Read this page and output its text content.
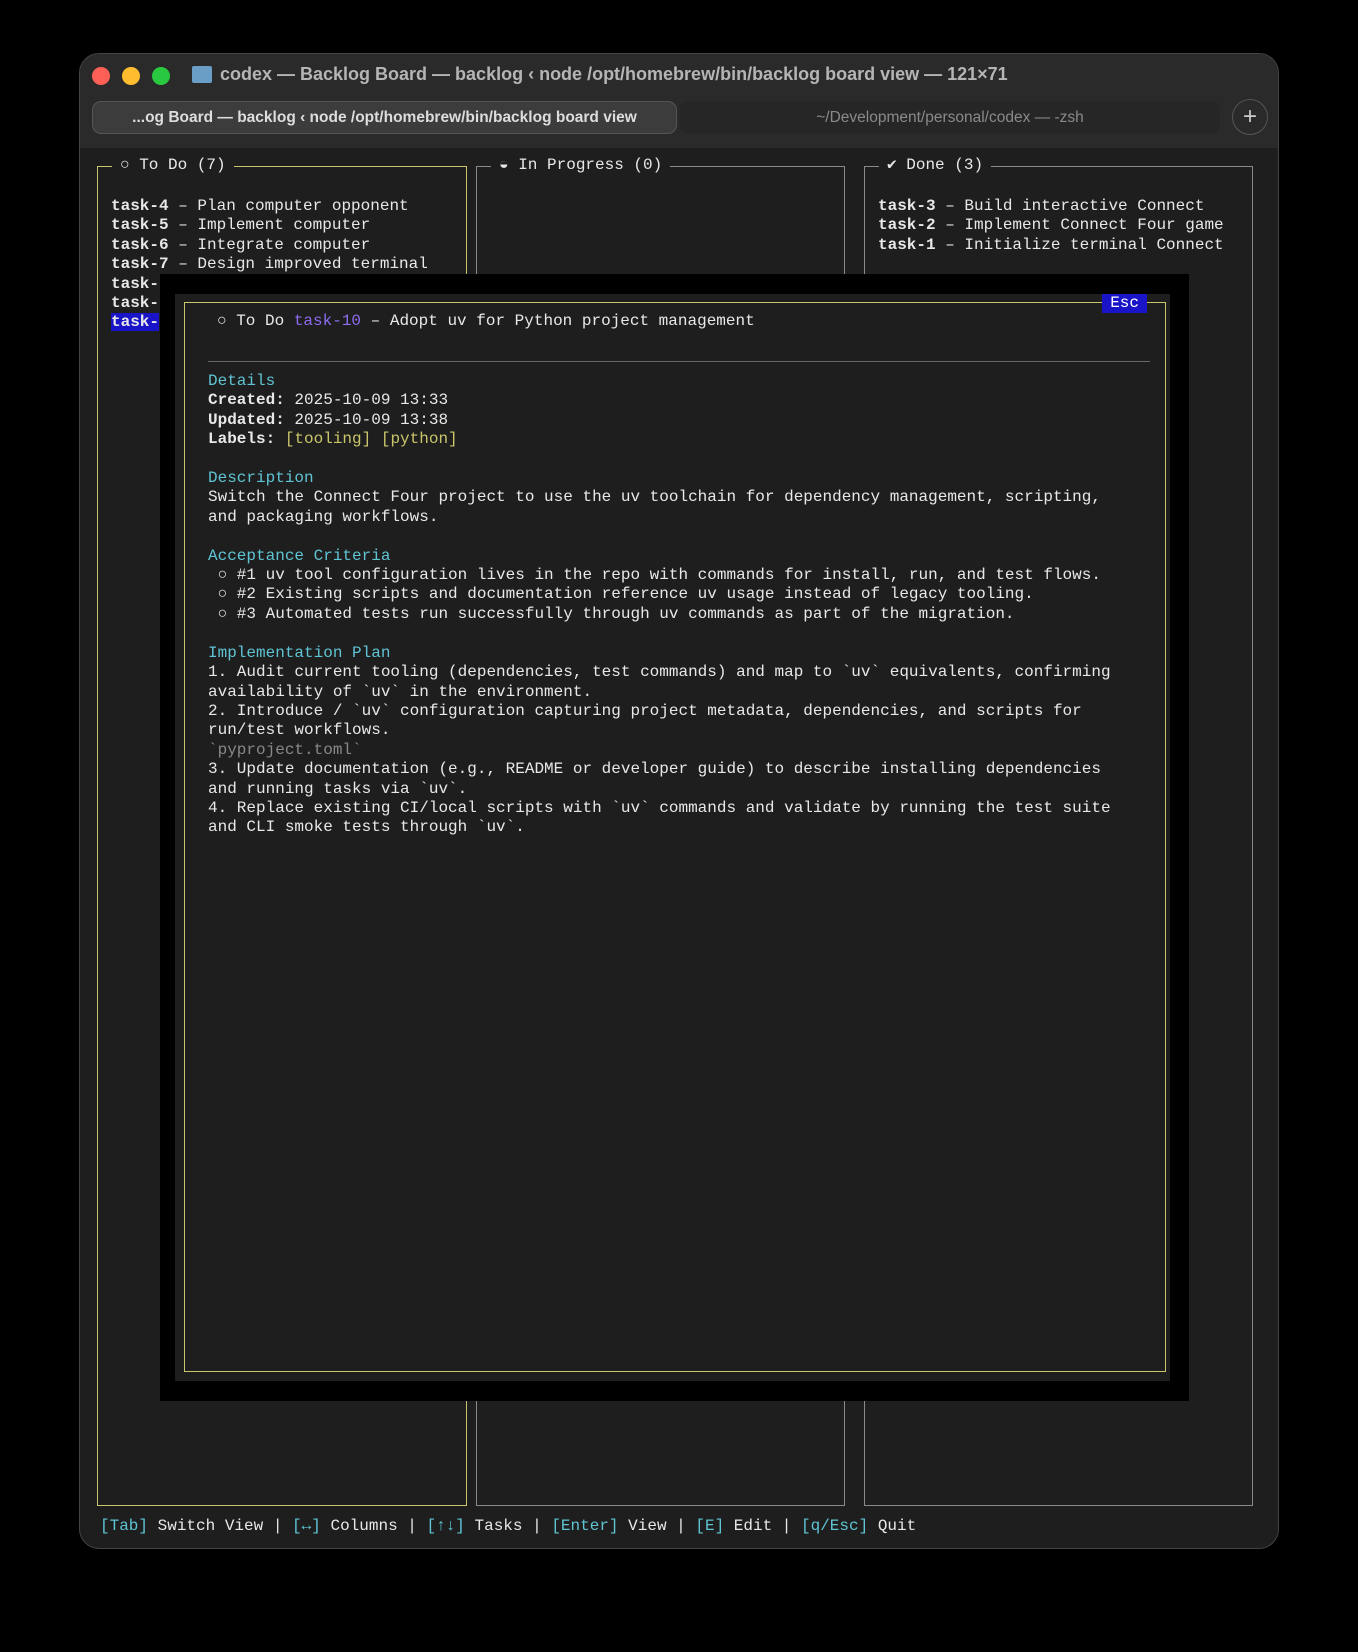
codex — Backlog Board — backlog ‹ node /opt/homebrew/bin/backlog board view — 121×71
...og Board — backlog ‹ node /opt/homebrew/bin/backlog board view	~/Development/personal/codex — -zsh	+
○ To Do (7)
task-4 – Plan computer opponent
task-5 – Implement computer
task-6 – Integrate computer
task-7 – Design improved terminal
task-
task-
task-
◒ In Progress (0)	✔ Done (3)
task-3 – Build interactive Connect
task-2 – Implement Connect Four game
task-1 – Initialize terminal Connect
Esc
○ To Do task-10 – Adopt uv for Python project management
Details
Created: 2025-10-09 13:33
Updated: 2025-10-09 13:38
Labels: [tooling] [python]

Description
Switch the Connect Four project to use the uv toolchain for dependency management, scripting,
and packaging workflows.

Acceptance Criteria
○ #1 uv tool configuration lives in the repo with commands for install, run, and test flows.
○ #2 Existing scripts and documentation reference uv usage instead of legacy tooling.
○ #3 Automated tests run successfully through uv commands as part of the migration.

Implementation Plan
1. Audit current tooling (dependencies, test commands) and map to `uv` equivalents, confirming
availability of `uv` in the environment.
2. Introduce / `uv` configuration capturing project metadata, dependencies, and scripts for
run/test workflows.
`pyproject.toml`
3. Update documentation (e.g., README or developer guide) to describe installing dependencies
and running tasks via `uv`.
4. Replace existing CI/local scripts with `uv` commands and validate by running the test suite
and CLI smoke tests through `uv`.
[Tab] Switch View | [↔] Columns | [↑↓] Tasks | [Enter] View | [E] Edit | [q/Esc] Quit
